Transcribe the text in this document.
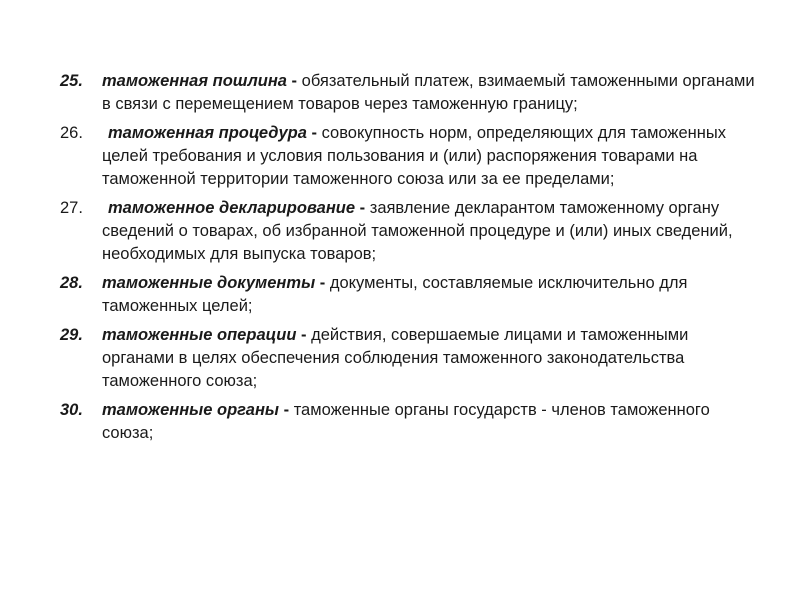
25. таможенная пошлина - обязательный платеж, взимаемый таможенными органами в связи с перемещением товаров через таможенную границу;
26. таможенная процедура - совокупность норм, определяющих для таможенных целей требования и условия пользования и (или) распоряжения товарами на таможенной территории таможенного союза или за ее пределами;
27. таможенное декларирование - заявление декларантом таможенному органу сведений о товарах, об избранной таможенной процедуре и (или) иных сведений, необходимых для выпуска товаров;
28. таможенные документы - документы, составляемые исключительно для таможенных целей;
29. таможенные операции - действия, совершаемые лицами и таможенными органами в целях обеспечения соблюдения таможенного законодательства таможенного союза;
30. таможенные органы - таможенные органы государств - членов таможенного союза;
